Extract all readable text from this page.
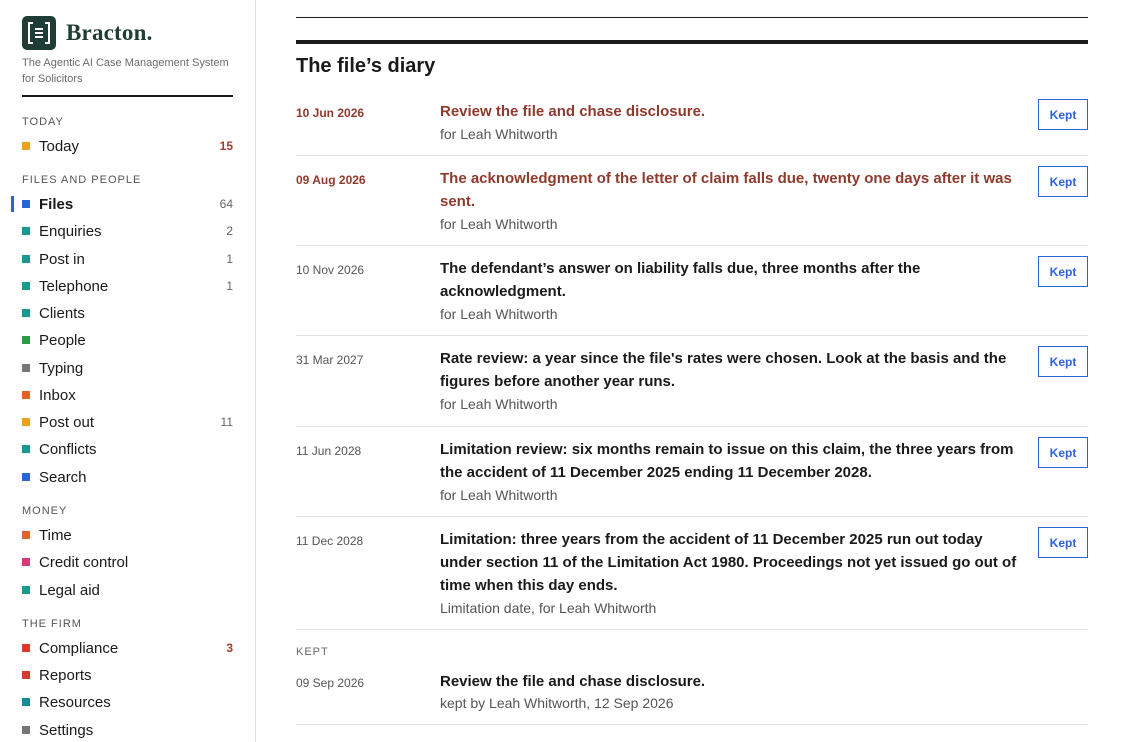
Bracton.
The Agentic AI Case Management System for Solicitors
TODAY
Today	15
FILES AND PEOPLE
Files	64
Enquiries	2
Post in	1
Telephone	1
Clients
People
Typing
Inbox
Post out	11
Conflicts
Search
MONEY
Time
Credit control
Legal aid
THE FIRM
Compliance	3
Reports
Resources
Settings
The file’s diary
10 Jun 2026	Review the file and chase disclosure.
for Leah Whitworth
Kept
09 Aug 2026	The acknowledgment of the letter of claim falls due, twenty one days after it was sent.
for Leah Whitworth
Kept
10 Nov 2026	The defendant’s answer on liability falls due, three months after the acknowledgment.
for Leah Whitworth
Kept
31 Mar 2027	Rate review: a year since the file's rates were chosen. Look at the basis and the figures before another year runs.
for Leah Whitworth
Kept
11 Jun 2028	Limitation review: six months remain to issue on this claim, the three years from the accident of 11 December 2025 ending 11 December 2028.
for Leah Whitworth
Kept
11 Dec 2028	Limitation: three years from the accident of 11 December 2025 run out today under section 11 of the Limitation Act 1980. Proceedings not yet issued go out of time when this day ends.
Limitation date, for Leah Whitworth
Kept
KEPT
09 Sep 2026	Review the file and chase disclosure.
kept by Leah Whitworth, 12 Sep 2026
